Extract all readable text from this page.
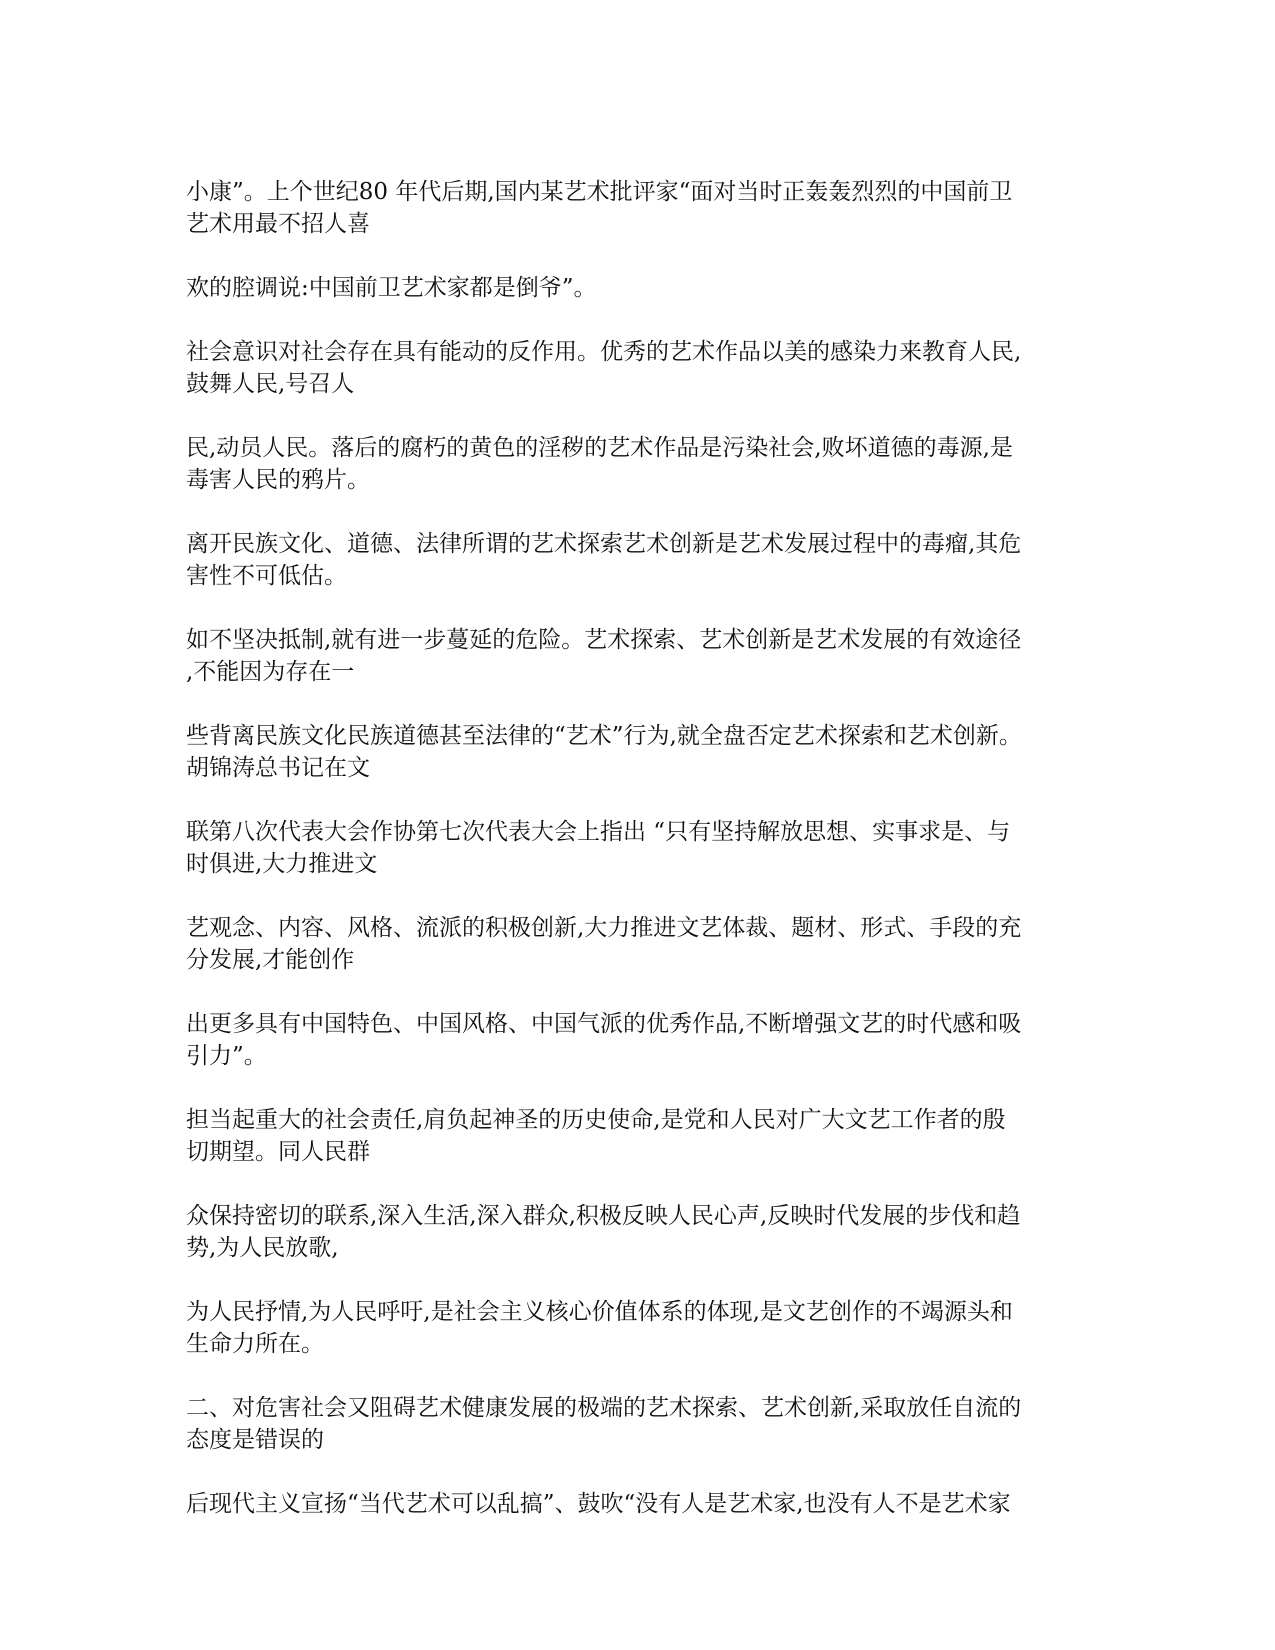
小康”。上个世纪80 年代后期,国内某艺术批评家“面对当时正轰轰烈烈的中国前卫
艺术用最不招人喜

欢的腔调说:中国前卫艺术家都是倒爷”。

社会意识对社会存在具有能动的反作用。优秀的艺术作品以美的感染力来教育人民,
鼓舞人民,号召人

民,动员人民。落后的腐朽的黄色的淫秽的艺术作品是污染社会,败坏道德的毒源,是
毒害人民的鸦片。

离开民族文化、道德、法律所谓的艺术探索艺术创新是艺术发展过程中的毒瘤,其危
害性不可低估。

如不坚决抵制,就有进一步蔓延的危险。艺术探索、艺术创新是艺术发展的有效途径
,不能因为存在一

些背离民族文化民族道德甚至法律的“艺术”行为,就全盘否定艺术探索和艺术创新。
胡锦涛总书记在文

联第八次代表大会作协第七次代表大会上指出 “只有坚持解放思想、实事求是、与
时俱进,大力推进文

艺观念、内容、风格、流派的积极创新,大力推进文艺体裁、题材、形式、手段的充
分发展,才能创作

出更多具有中国特色、中国风格、中国气派的优秀作品,不断增强文艺的时代感和吸
引力”。

担当起重大的社会责任,肩负起神圣的历史使命,是党和人民对广大文艺工作者的殷
切期望。同人民群

众保持密切的联系,深入生活,深入群众,积极反映人民心声,反映时代发展的步伐和趋
势,为人民放歌,

为人民抒情,为人民呼吁,是社会主义核心价值体系的体现,是文艺创作的不竭源头和
生命力所在。

二、对危害社会又阻碍艺术健康发展的极端的艺术探索、艺术创新,采取放任自流的
态度是错误的

后现代主义宣扬“当代艺术可以乱搞”、鼓吹“没有人是艺术家,也没有人不是艺术家
